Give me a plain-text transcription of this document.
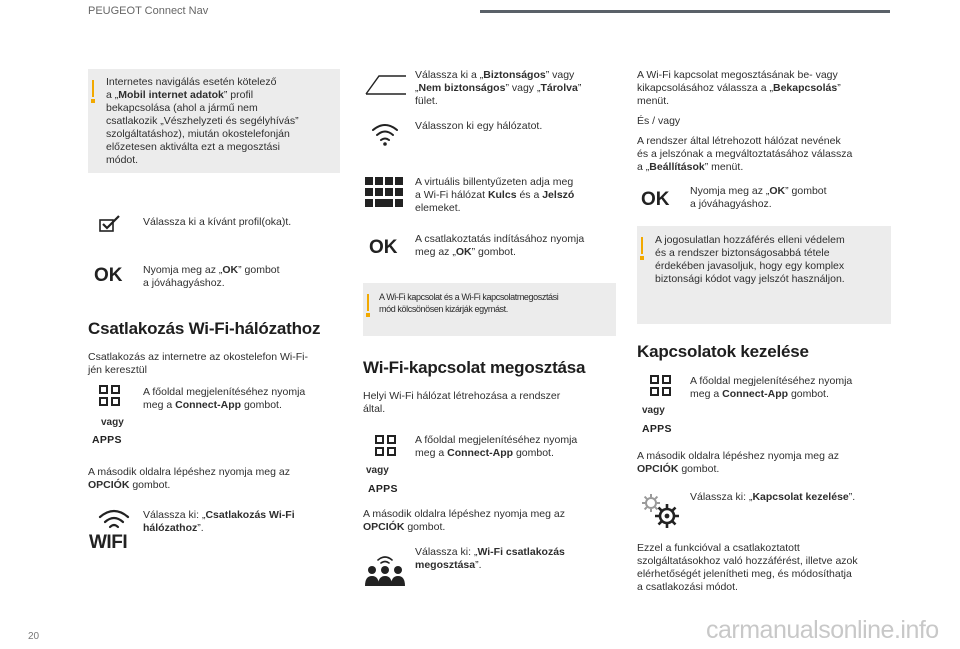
PEUGEOT Connect Nav
Internetes navigálás esetén kötelező
a „Mobil internet adatok” profil
bekapcsolása (ahol a jármű nem
csatlakozik „Vészhelyzeti és segélyhívás”
szolgáltatáshoz), miután okostelefonján
előzetesen aktiválta ezt a megosztási
módot.
Válassza ki a kívánt profil(oka)t.
OK Nyomja meg az „OK” gombot
a jóváhagyáshoz.
Csatlakozás Wi-Fi-hálózathoz
Csatlakozás az internetre az okostelefon Wi-Fi-
jén keresztül
vagy
APPS
A főoldal megjelenítéséhez nyomja
meg a Connect-App gombot.
A második oldalra lépéshez nyomja meg az
OPCIÓK gombot.
WIFI
Válassza ki: „Csatlakozás Wi-Fi
hálózathoz”.
Válassza ki a „Biztonságos” vagy
„Nem biztonságos” vagy „Tárolva”
fület.
Válasszon ki egy hálózatot.
A virtuális billentyűzeten adja meg
a Wi-Fi hálózat Kulcs és a Jelszó
elemeket.
OK A csatlakoztatás indításához nyomja
meg az „OK” gombot.
A Wi-Fi kapcsolat és a Wi-Fi kapcsolatmegosztási
mód kölcsönösen kizárják egymást.
Wi-Fi-kapcsolat megosztása
Helyi Wi-Fi hálózat létrehozása a rendszer
által.
vagy
APPS
A főoldal megjelenítéséhez nyomja
meg a Connect-App gombot.
A második oldalra lépéshez nyomja meg az
OPCIÓK gombot.
Válassza ki: „Wi-Fi csatlakozás
megosztása”.
A Wi-Fi kapcsolat megosztásának be- vagy
kikapcsolásához válassza a „Bekapcsolás”
menüt.
És / vagy
A rendszer által létrehozott hálózat nevének
és a jelszónak a megváltoztatásához válassza
a „Beállítások” menüt.
OK Nyomja meg az „OK” gombot
a jóváhagyáshoz.
A jogosulatlan hozzáférés elleni védelem
és a rendszer biztonságosabbá tétele
érdekében javasoljuk, hogy egy komplex
biztonsági kódot vagy jelszót használjon.
Kapcsolatok kezelése
vagy
APPS
A főoldal megjelenítéséhez nyomja
meg a Connect-App gombot.
A második oldalra lépéshez nyomja meg az
OPCIÓK gombot.
Válassza ki: „Kapcsolat kezelése”.
Ezzel a funkcióval a csatlakoztatott
szolgáltatásokhoz való hozzáférést, illetve azok
elérhetőségét jelenítheti meg, és módosíthatja
a csatlakozási módot.
20	carmanualsonline.info
